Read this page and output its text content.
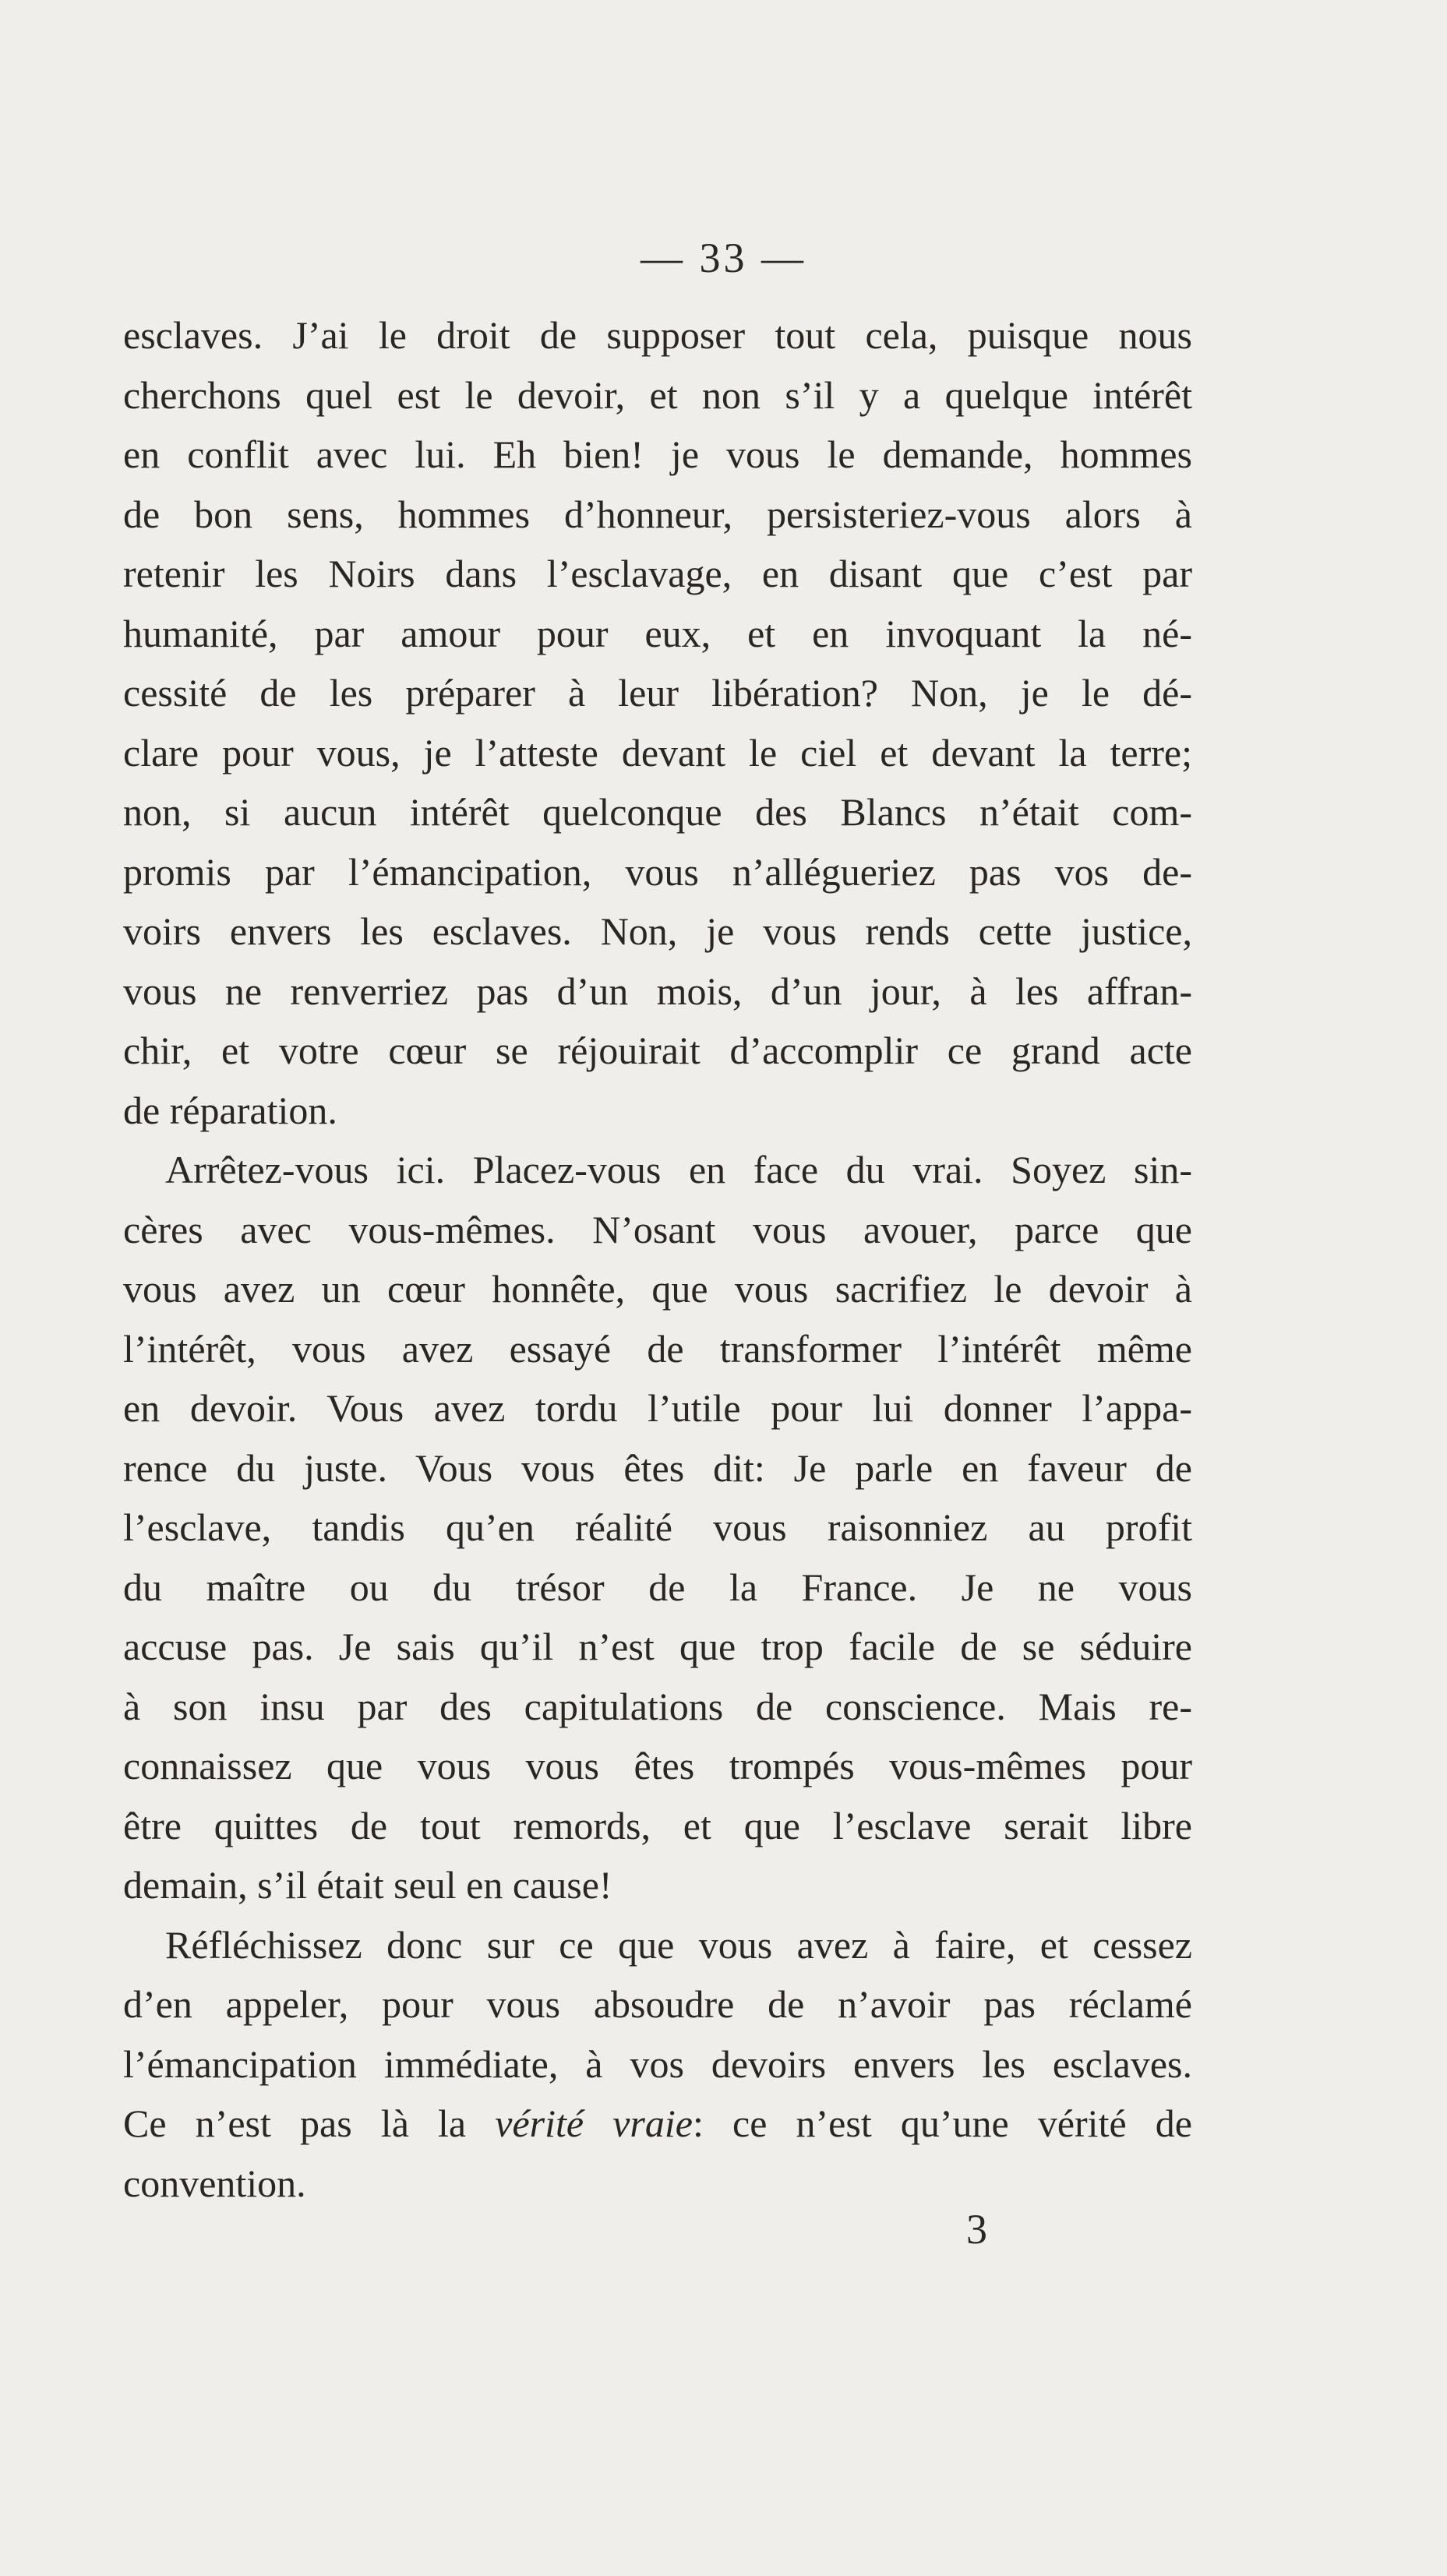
— 33 —
esclaves. J’ai le droit de supposer tout cela, puisque nous
cherchons quel est le devoir, et non s’il y a quelque intérêt
en conflit avec lui. Eh bien! je vous le demande, hommes
de bon sens, hommes d’honneur, persisteriez-vous alors à
retenir les Noirs dans l’esclavage, en disant que c’est par
humanité, par amour pour eux, et en invoquant la né-
cessité de les préparer à leur libération? Non, je le dé-
clare pour vous, je l’atteste devant le ciel et devant la terre;
non, si aucun intérêt quelconque des Blancs n’était com-
promis par l’émancipation, vous n’allégueriez pas vos de-
voirs envers les esclaves. Non, je vous rends cette justice,
vous ne renverriez pas d’un mois, d’un jour, à les affran-
chir, et votre cœur se réjouirait d’accomplir ce grand acte
de réparation.
Arrêtez-vous ici. Placez-vous en face du vrai. Soyez sin-
cères avec vous-mêmes. N’osant vous avouer, parce que
vous avez un cœur honnête, que vous sacrifiez le devoir à
l’intérêt, vous avez essayé de transformer l’intérêt même
en devoir. Vous avez tordu l’utile pour lui donner l’appa-
rence du juste. Vous vous êtes dit: Je parle en faveur de
l’esclave, tandis qu’en réalité vous raisonniez au profit
du maître ou du trésor de la France. Je ne vous
accuse pas. Je sais qu’il n’est que trop facile de se séduire
à son insu par des capitulations de conscience. Mais re-
connaissez que vous vous êtes trompés vous-mêmes pour
être quittes de tout remords, et que l’esclave serait libre
demain, s’il était seul en cause!
Réfléchissez donc sur ce que vous avez à faire, et cessez
d’en appeler, pour vous absoudre de n’avoir pas réclamé
l’émancipation immédiate, à vos devoirs envers les esclaves.
Ce n’est pas là la vérité vraie: ce n’est qu’une vérité de
convention.
3
